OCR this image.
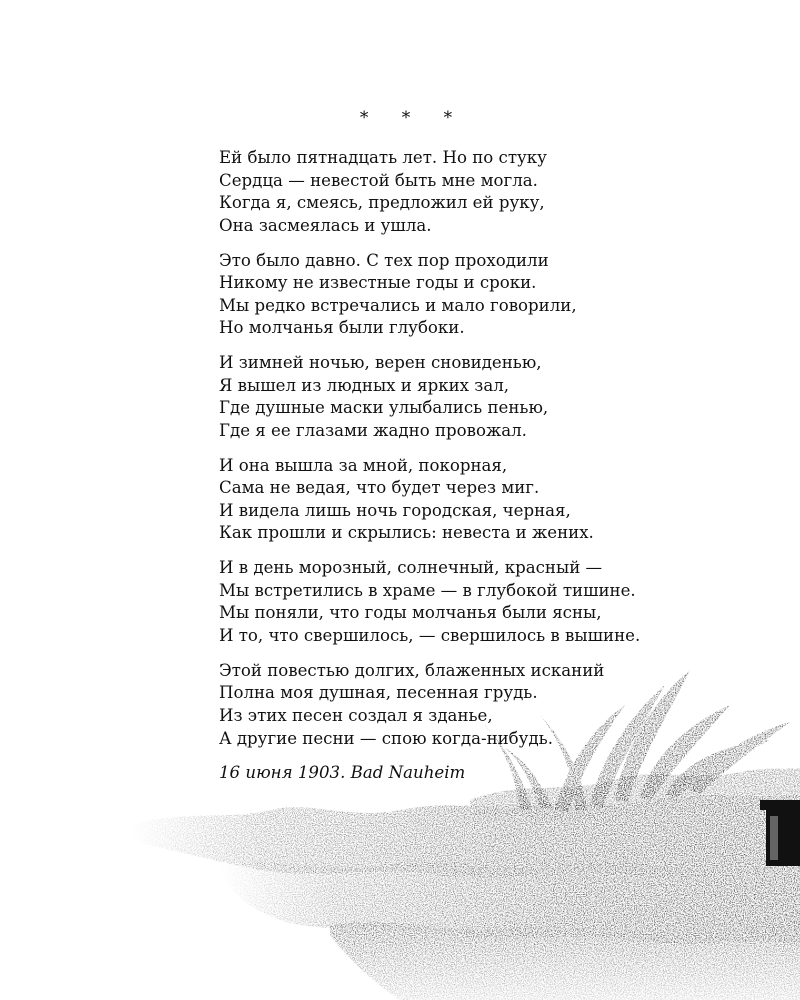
* * *
Ей было пятнадцать лет. Но по стуку
Сердца — невестой быть мне могла.
Когда я, смеясь, предложил ей руку,
Она засмеялась и ушла.
Это было давно. С тех пор проходили
Никому не известные годы и сроки.
Мы редко встречались и мало говорили,
Но молчанья были глубоки.
И зимней ночью, верен сновиденью,
Я вышел из людных и ярких зал,
Где душные маски улыбались пенью,
Где я ее глазами жадно провожал.
И она вышла за мной, покорная,
Сама не ведая, что будет через миг.
И видела лишь ночь городская, черная,
Как прошли и скрылись: невеста и жених.
И в день морозный, солнечный, красный —
Мы встретились в храме — в глубокой тишине.
Мы поняли, что годы молчанья были ясны,
И то, что свершилось, — свершилось в вышине.
Этой повестью долгих, блаженных исканий
Полна моя душная, песенная грудь.
Из этих песен создал я зданье,
А другие песни — спою когда-нибудь.
16 июня 1903. Bad Nauheim
